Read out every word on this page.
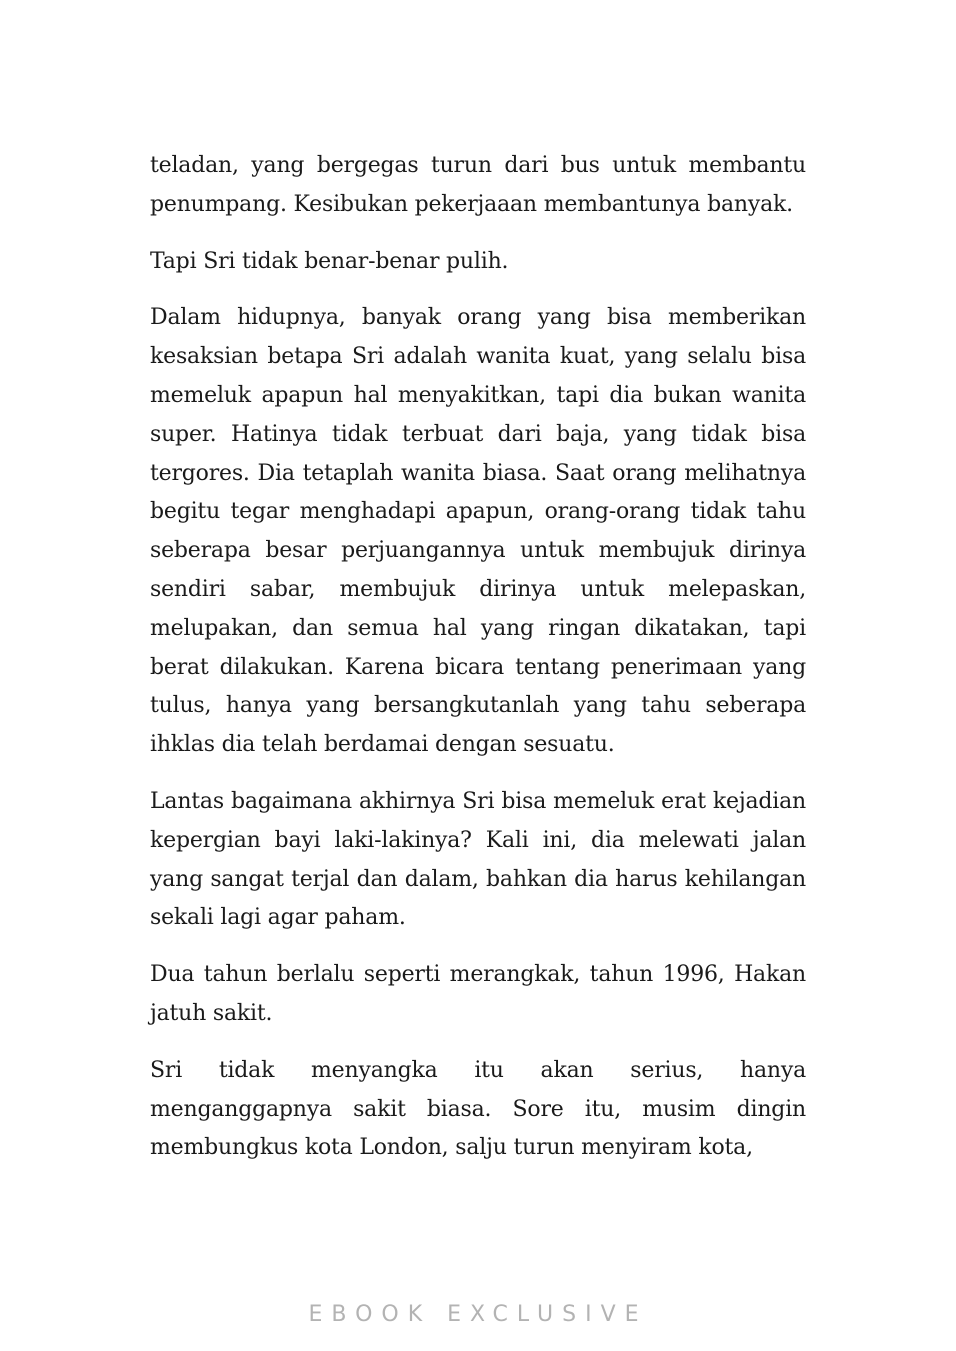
teladan, yang bergegas turun dari bus untuk membantu penumpang. Kesibukan pekerjaaan membantunya banyak.

Tapi Sri tidak benar-benar pulih.

Dalam hidupnya, banyak orang yang bisa memberikan kesaksian betapa Sri adalah wanita kuat, yang selalu bisa memeluk apapun hal menyakitkan, tapi dia bukan wanita super. Hatinya tidak terbuat dari baja, yang tidak bisa tergores. Dia tetaplah wanita biasa. Saat orang melihatnya begitu tegar menghadapi apapun, orang-orang tidak tahu seberapa besar perjuangannya untuk membujuk dirinya sendiri sabar, membujuk dirinya untuk melepaskan, melupakan, dan semua hal yang ringan dikatakan, tapi berat dilakukan. Karena bicara tentang penerimaan yang tulus, hanya yang bersangkutanlah yang tahu seberapa ihklas dia telah berdamai dengan sesuatu.

Lantas bagaimana akhirnya Sri bisa memeluk erat kejadian kepergian bayi laki-lakinya? Kali ini, dia melewati jalan yang sangat terjal dan dalam, bahkan dia harus kehilangan sekali lagi agar paham.

Dua tahun berlalu seperti merangkak, tahun 1996, Hakan jatuh sakit.

Sri tidak menyangka itu akan serius, hanya menganggapnya sakit biasa. Sore itu, musim dingin membungkus kota London, salju turun menyiram kota,

EBOOK EXCLUSIVE
